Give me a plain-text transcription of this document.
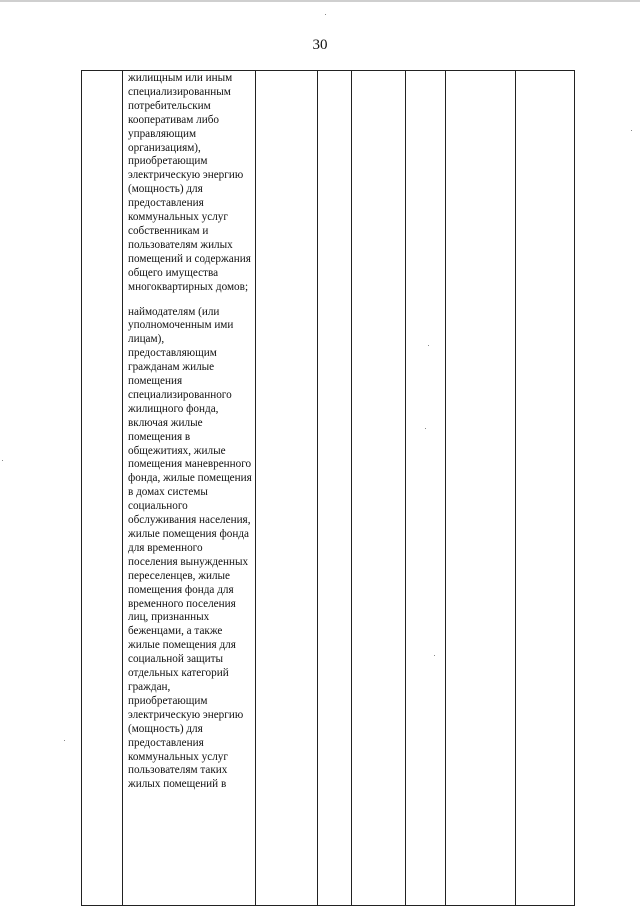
30

жилищным или иным специализированным потребительским кооперативам либо управляющим организациям), приобретающим электрическую энергию (мощность) для предоставления коммунальных услуг собственникам и пользователям жилых помещений и содержания общего имущества многоквартирных домов;

наймодателям (или уполномоченным ими лицам), предоставляющим гражданам жилые помещения специализированного жилищного фонда, включая жилые помещения в общежитиях, жилые помещения маневренного фонда, жилые помещения в домах системы социального обслуживания населения, жилые помещения фонда для временного поселения вынужденных переселенцев, жилые помещения фонда для временного поселения лиц, признанных беженцами, а также жилые помещения для социальной защиты отдельных категорий граждан, приобретающим электрическую энергию (мощность) для предоставления коммунальных услуг пользователям таких жилых помещений в
